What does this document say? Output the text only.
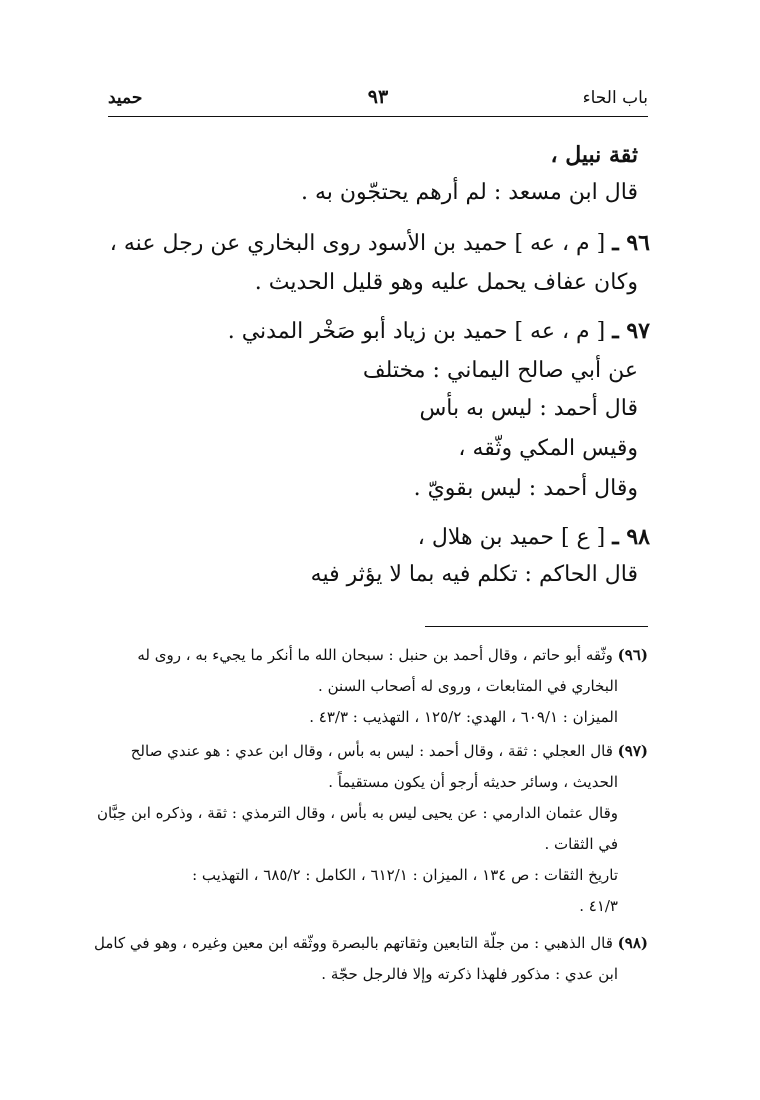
باب الحاء
٩٣
حميد
ثقة نبيل ،
قال ابن مسعد : لم أرهم يحتجّون به .
٩٦ ـ [ م ، عه ] حميد بن الأسود روى البخاري عن رجل عنه ،
وكان عفاف يحمل عليه وهو قليل الحديث .
٩٧ ـ [ م ، عه ] حميد بن زياد أبو صَخْر المدني .
عن أبي صالح اليماني : مختلف
قال أحمد : ليس به بأس
وقيس المكي وثّقه ،
وقال أحمد : ليس بقويّ .
٩٨ ـ [ ع ] حميد بن هلال ،
قال الحاكم : تكلم فيه بما لا يؤثر فيه
(٩٦) وثّقه أبو حاتم ، وقال أحمد بن حنبل : سبحان الله ما أنكر ما يجيء به ، روى له
البخاري في المتابعات ، وروى له أصحاب السنن .
الميزان : ٦٠٩/١ ، الهدي: ١٢٥/٢ ، التهذيب : ٤٣/٣ .
(٩٧) قال العجلي : ثقة ، وقال أحمد : ليس به بأس ، وقال ابن عدي : هو عندي صالح
الحديث ، وسائر حديثه أرجو أن يكون مستقيماً .
وقال عثمان الدارمي : عن يحيى ليس به بأس ، وقال الترمذي : ثقة ، وذكره ابن حِبَّان
في الثقات .
تاريخ الثقات : ص ١٣٤ ، الميزان : ٦١٢/١ ، الكامل : ٦٨٥/٢ ، التهذيب :
٤١/٣ .
(٩٨) قال الذهبي : من جلّة التابعين وثقاتهم بالبصرة ووثّقه ابن معين وغيره ، وهو في كامل
ابن عدي : مذكور فلهذا ذكرته وإلا فالرجل حجّة .
